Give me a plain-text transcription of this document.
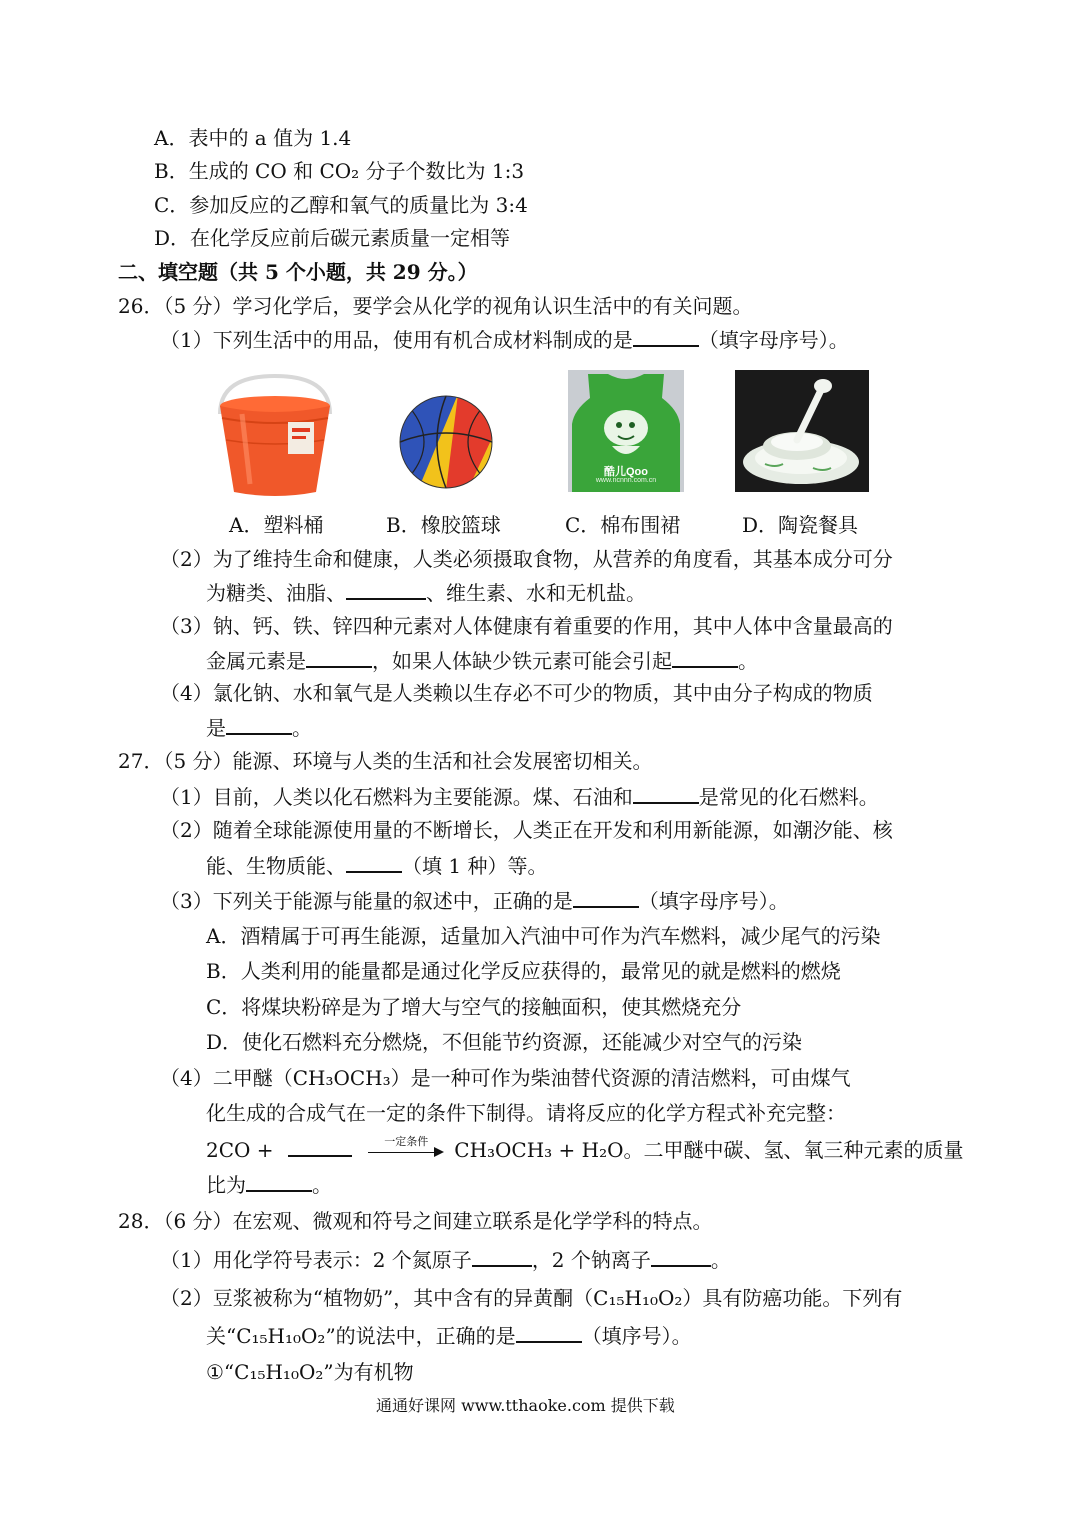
A．表中的 a 值为 1.4
B．生成的 CO 和 CO₂ 分子个数比为 1:3
C．参加反应的乙醇和氧气的质量比为 3:4
D．在化学反应前后碳元素质量一定相等
二、填空题（共 5 个小题，共 29 分。）
26．（5 分）学习化学后，要学会从化学的视角认识生活中的有关问题。
（1）下列生活中的用品，使用有机合成材料制成的是	（填字母序号）。
酷儿Qoo
www.ncnnn.com.cn
A．塑料桶	B．橡胶篮球	C．棉布围裙	D．陶瓷餐具
（2）为了维持生命和健康，人类必须摄取食物，从营养的角度看，其基本成分可分
为糖类、油脂、	、维生素、水和无机盐。
（3）钠、钙、铁、锌四种元素对人体健康有着重要的作用，其中人体中含量最高的
金属元素是	，如果人体缺少铁元素可能会引起	。
（4）氯化钠、水和氧气是人类赖以生存必不可少的物质，其中由分子构成的物质
是	。
27．（5 分）能源、环境与人类的生活和社会发展密切相关。
（1）目前，人类以化石燃料为主要能源。煤、石油和	是常见的化石燃料。
（2）随着全球能源使用量的不断增长，人类正在开发和利用新能源，如潮汐能、核
能、生物质能、	（填 1 种）等。
（3）下列关于能源与能量的叙述中，正确的是	（填字母序号）。
A．酒精属于可再生能源，适量加入汽油中可作为汽车燃料，减少尾气的污染
B．人类利用的能量都是通过化学反应获得的，最常见的就是燃料的燃烧
C．将煤块粉碎是为了增大与空气的接触面积，使其燃烧充分
D．使化石燃料充分燃烧，不但能节约资源，还能减少对空气的污染
（4）二甲醚（CH₃OCH₃）是一种可作为柴油替代资源的清洁燃料，可由煤气
化生成的合成气在一定的条件下制得。请将反应的化学方程式补充完整：
2CO +	一定条件	CH₃OCH₃ + H₂O。二甲醚中碳、氢、氧三种元素的质量
比为	。
28．（6 分）在宏观、微观和符号之间建立联系是化学学科的特点。
（1）用化学符号表示：2 个氮原子	，2 个钠离子	。
（2）豆浆被称为“植物奶”，其中含有的异黄酮（C₁₅H₁₀O₂）具有防癌功能。下列有
关“C₁₅H₁₀O₂”的说法中，正确的是	（填序号）。
①“C₁₅H₁₀O₂”为有机物
通通好课网 www.tthaoke.com 提供下载
